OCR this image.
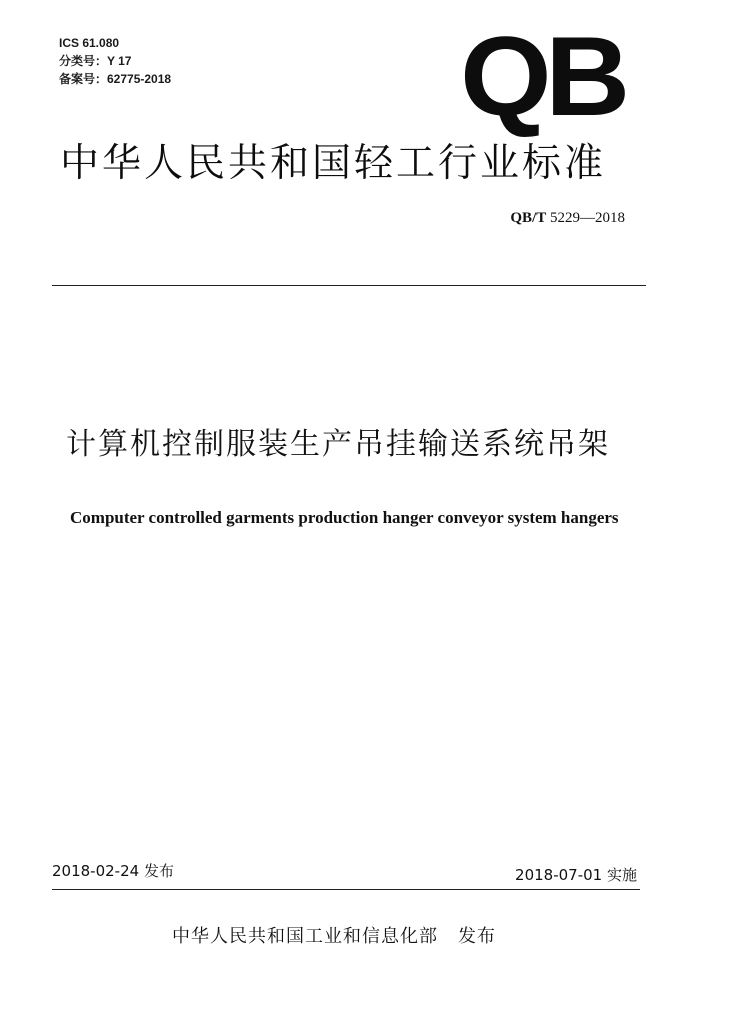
ICS 61.080
分类号：Y 17
备案号：62775-2018	QB
中华人民共和国轻工行业标准
QB/T 5229—2018
计算机控制服装生产吊挂输送系统吊架
Computer controlled garments production hanger conveyor system hangers
2018-02-24 发布	2018-07-01 实施
中华人民共和国工业和信息化部 发布
